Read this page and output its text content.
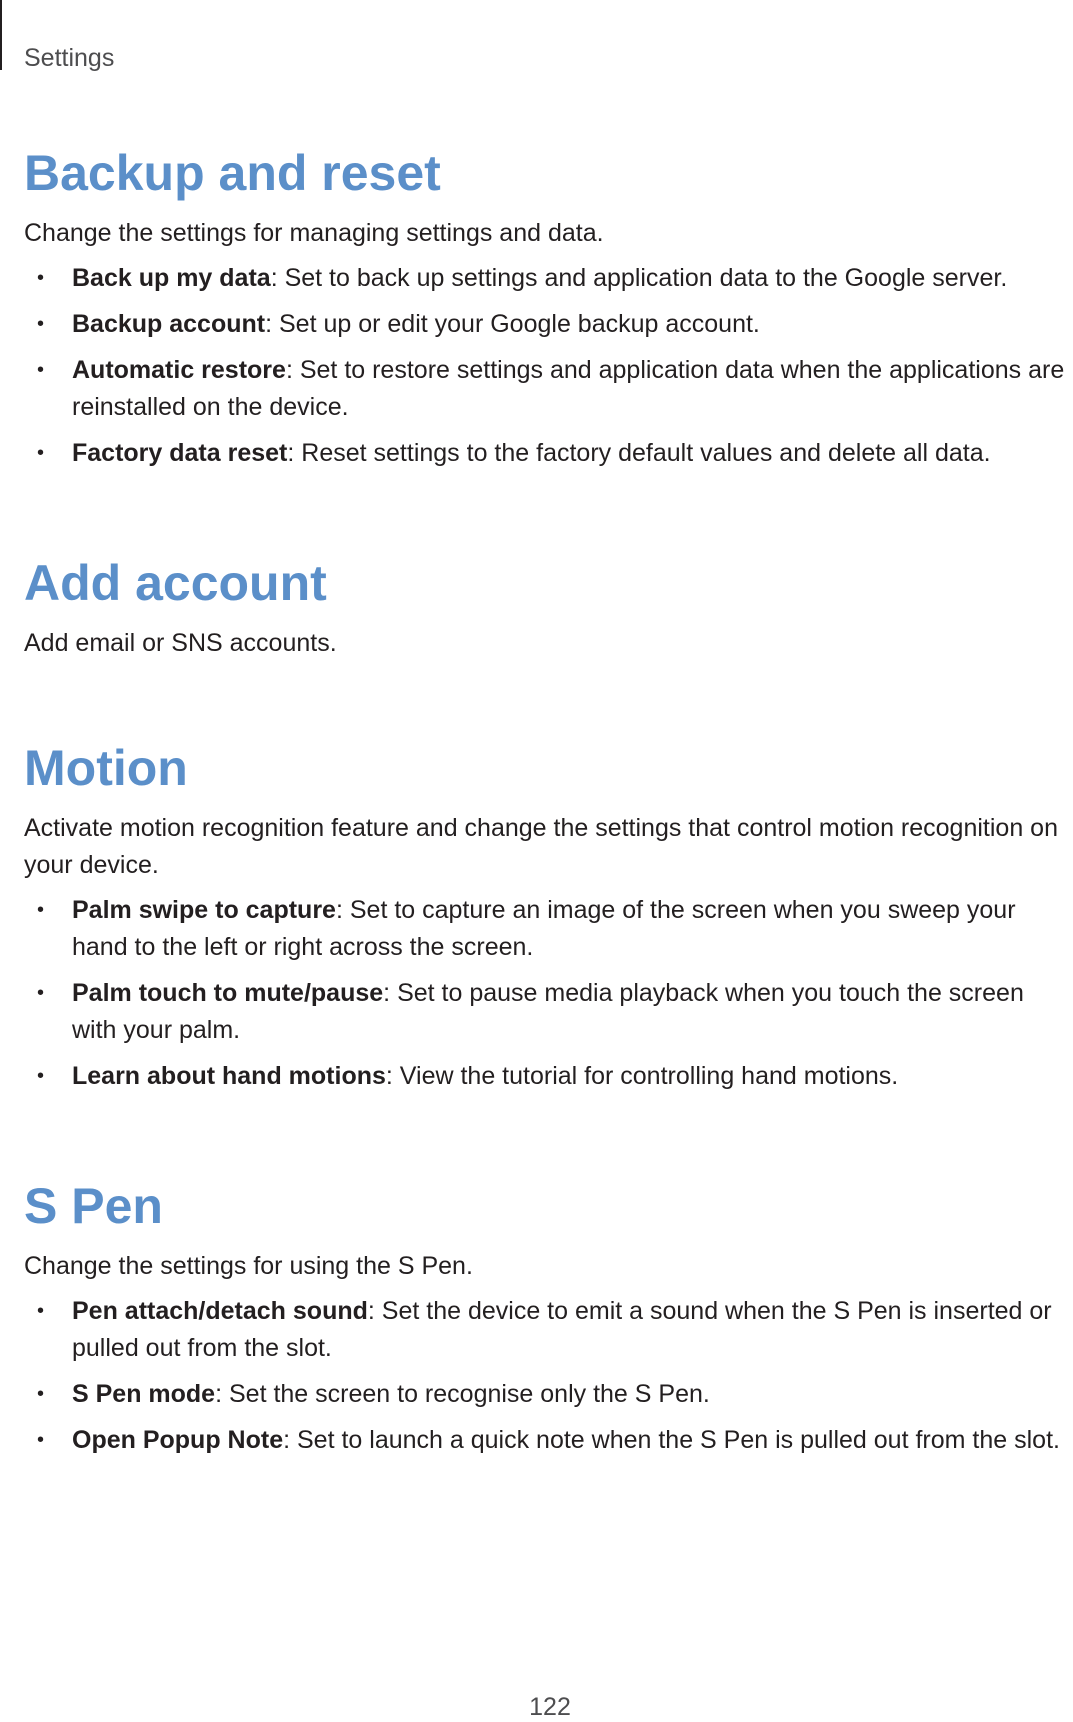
Settings
Backup and reset

Change the settings for managing settings and data.

• Back up my data: Set to back up settings and application data to the Google server.
• Backup account: Set up or edit your Google backup account.
• Automatic restore: Set to restore settings and application data when the applications are reinstalled on the device.
• Factory data reset: Reset settings to the factory default values and delete all data.
Add account

Add email or SNS accounts.

Motion

Activate motion recognition feature and change the settings that control motion recognition on your device.

• Palm swipe to capture: Set to capture an image of the screen when you sweep your hand to the left or right across the screen.
• Palm touch to mute/pause: Set to pause media playback when you touch the screen with your palm.
• Learn about hand motions: View the tutorial for controlling hand motions.
S Pen

Change the settings for using the S Pen.

• Pen attach/detach sound: Set the device to emit a sound when the S Pen is inserted or pulled out from the slot.
• S Pen mode: Set the screen to recognise only the S Pen.
• Open Popup Note: Set to launch a quick note when the S Pen is pulled out from the slot.
122
